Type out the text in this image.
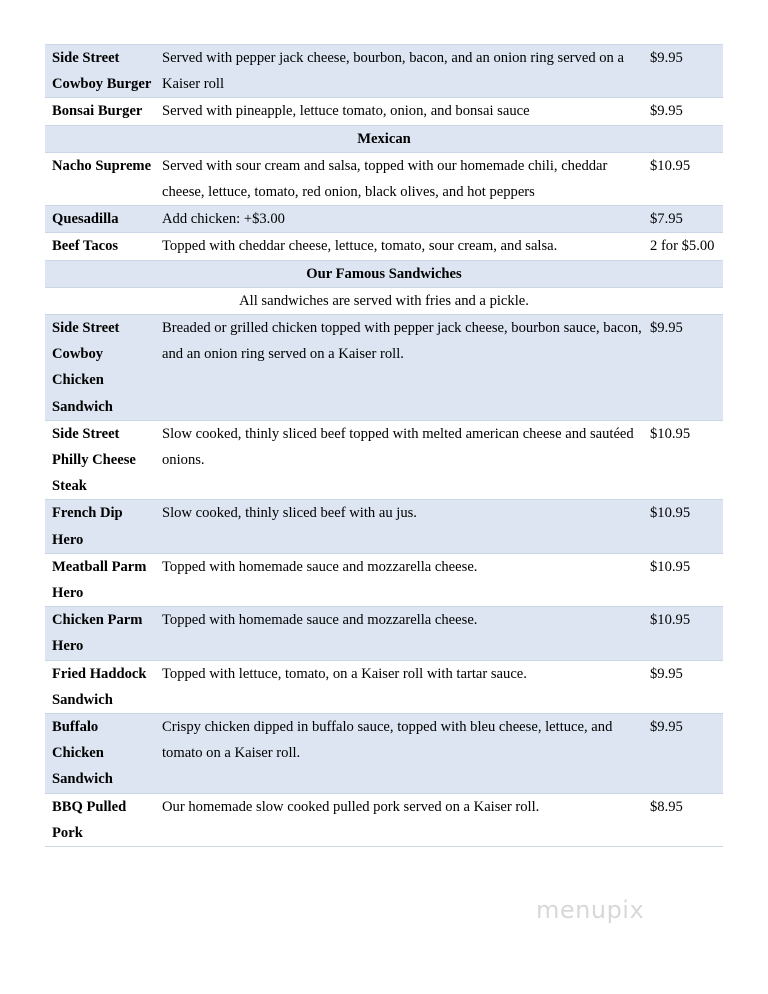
Side Street Cowboy Burger	Served with pepper jack cheese, bourbon, bacon, and an onion ring served on a Kaiser roll	$9.95
Bonsai Burger	Served with pineapple, lettuce tomato, onion, and bonsai sauce	$9.95
Mexican		
Nacho Supreme	Served with sour cream and salsa, topped with our homemade chili, cheddar cheese, lettuce, tomato, red onion, black olives, and hot peppers	$10.95
Quesadilla	Add chicken: +$3.00	$7.95
Beef Tacos	Topped with cheddar cheese, lettuce, tomato, sour cream, and salsa.	2 for $5.00
Our Famous Sandwiches		
All sandwiches are served with fries and a pickle.		
Side Street Cowboy Chicken Sandwich	Breaded or grilled chicken topped with pepper jack cheese, bourbon sauce, bacon, and an onion ring served on a Kaiser roll.	$9.95
Side Street Philly Cheese Steak	Slow cooked, thinly sliced beef topped with melted american cheese and sautéed onions.	$10.95
French Dip Hero	Slow cooked, thinly sliced beef with au jus.	$10.95
Meatball Parm Hero	Topped with homemade sauce and mozzarella cheese.	$10.95
Chicken Parm Hero	Topped with homemade sauce and mozzarella cheese.	$10.95
Fried Haddock Sandwich	Topped with lettuce, tomato, on a Kaiser roll with tartar sauce.	$9.95
Buffalo Chicken Sandwich	Crispy chicken dipped in buffalo sauce, topped with bleu cheese, lettuce, and tomato on a Kaiser roll.	$9.95
BBQ Pulled Pork	Our homemade slow cooked pulled pork served on a Kaiser roll.	$8.95
menupix
